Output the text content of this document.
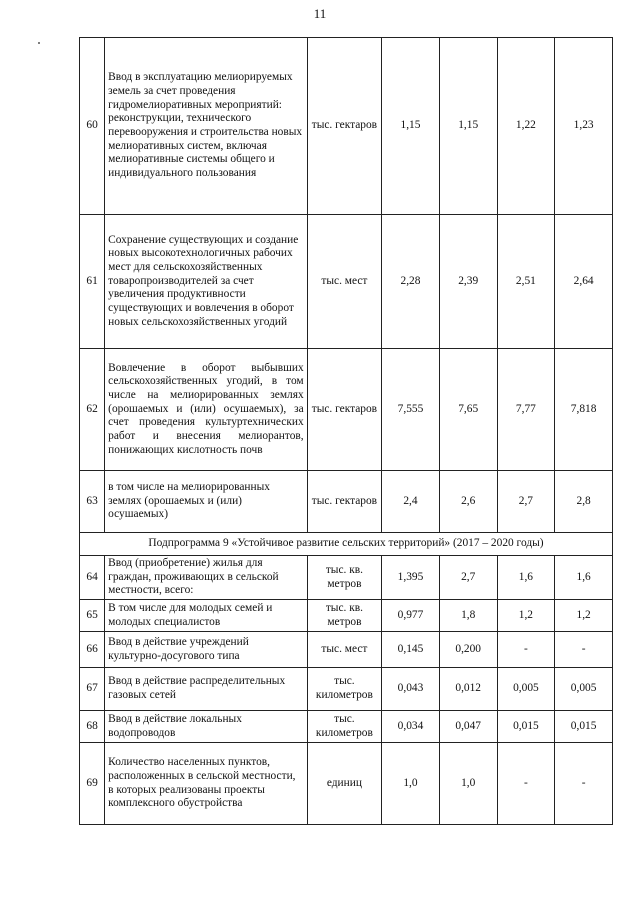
11
60	Ввод в эксплуатацию мелиорируемых земель за счет проведения гидромелиоративных мероприятий: реконструкции, технического перевооружения и строительства новых мелиоративных систем, включая мелиоративные системы общего и индивидуального пользования	тыс. гектаров	1,15	1,15	1,22	1,23
61	Сохранение существующих и создание новых высокотехнологичных рабочих мест для сельскохозяйственных товаропроизводителей за счет увеличения продуктивности существующих и вовлечения в оборот новых сельскохозяйственных угодий	тыс. мест	2,28	2,39	2,51	2,64
62	Вовлечение в оборот выбывших сельскохозяйственных угодий, в том числе на мелиорированных землях (орошаемых и (или) осушаемых), за счет проведения культуртехнических работ и внесения мелиорантов, понижающих кислотность почв	тыс. гектаров	7,555	7,65	7,77	7,818
63	в том числе на мелиорированных землях (орошаемых и (или) осушаемых)	тыс. гектаров	2,4	2,6	2,7	2,8
Подпрограмма 9 «Устойчивое развитие сельских территорий» (2017 – 2020 годы)						
64	Ввод (приобретение) жилья для граждан, проживающих в сельской местности, всего:	тыс. кв. метров	1,395	2,7	1,6	1,6
65	В том числе для молодых семей и молодых специалистов	тыс. кв. метров	0,977	1,8	1,2	1,2
66	Ввод в действие учреждений культурно-досугового типа	тыс. мест	0,145	0,200	-	-
67	Ввод в действие распределительных газовых сетей	тыс. километров	0,043	0,012	0,005	0,005
68	Ввод в действие локальных водопроводов	тыс. километров	0,034	0,047	0,015	0,015
69	Количество населенных пунктов, расположенных в сельской местности, в которых реализованы проекты комплексного обустройства	единиц	1,0	1,0	-	-
